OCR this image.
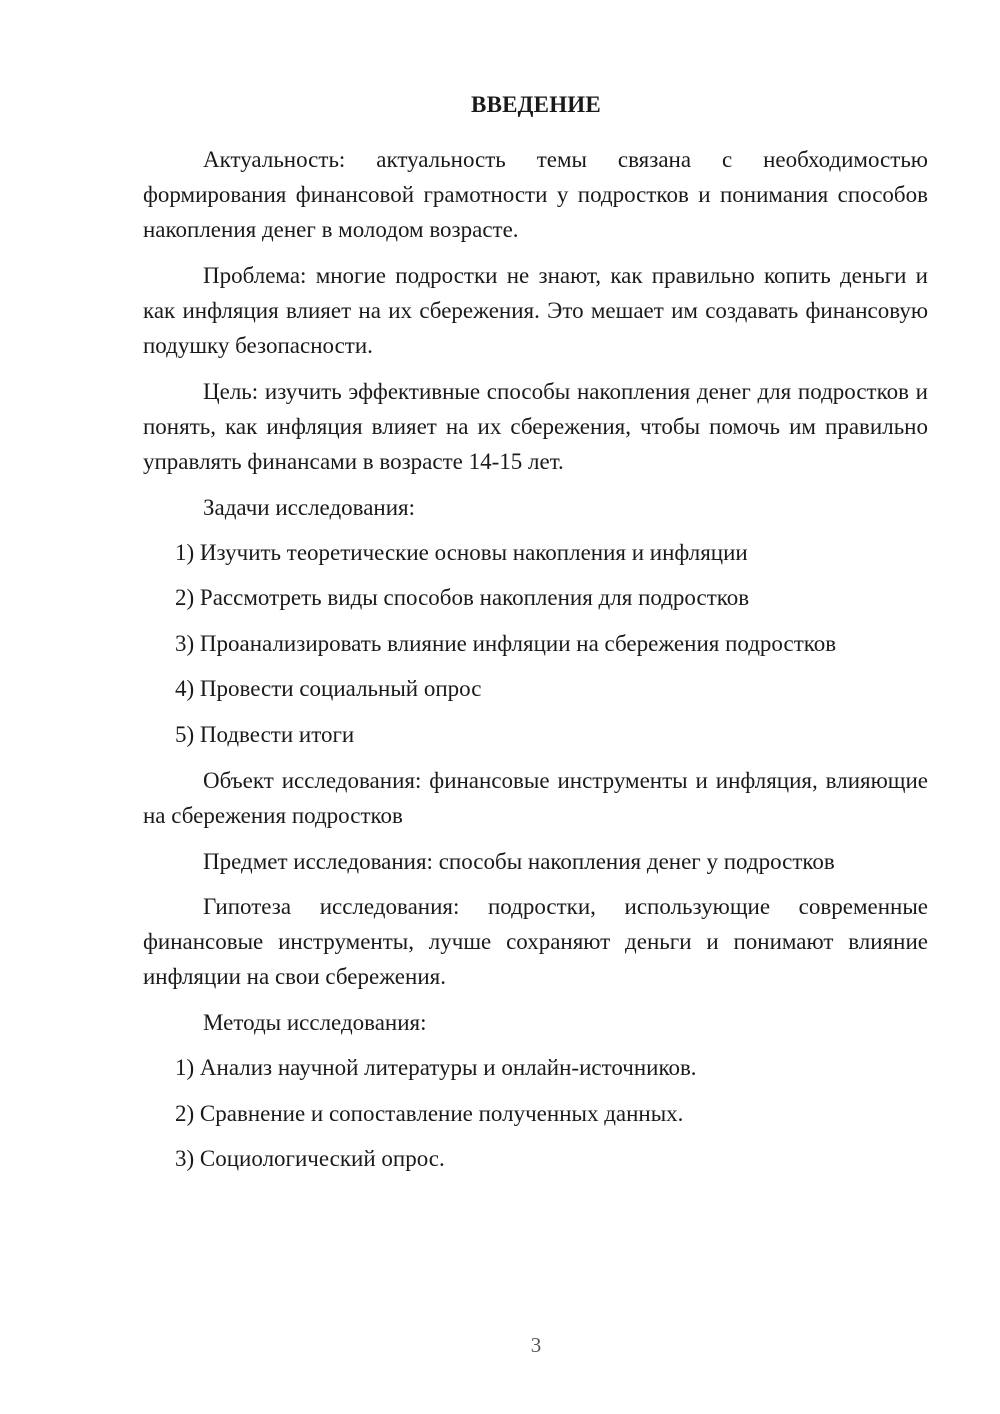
ВВЕДЕНИЕ

Актуальность: актуальность темы связана с необходимостью формирования финансовой грамотности у подростков и понимания способов накопления денег в молодом возрасте.

Проблема: многие подростки не знают, как правильно копить деньги и как инфляция влияет на их сбережения. Это мешает им создавать финансовую подушку безопасности.

Цель: изучить эффективные способы накопления денег для подростков и понять, как инфляция влияет на их сбережения, чтобы помочь им правильно управлять финансами в возрасте 14-15 лет.

Задачи исследования:

1) Изучить теоретические основы накопления и инфляции

2) Рассмотреть виды способов накопления для подростков

3) Проанализировать влияние инфляции на сбережения подростков

4) Провести социальный опрос

5) Подвести итоги

Объект исследования: финансовые инструменты и инфляция, влияющие на сбережения подростков

Предмет исследования: способы накопления денег у подростков

Гипотеза исследования: подростки, использующие современные финансовые инструменты, лучше сохраняют деньги и понимают влияние инфляции на свои сбережения.

Методы исследования:

1) Анализ научной литературы и онлайн-источников.

2) Сравнение и сопоставление полученных данных.

3) Социологический опрос.

3
